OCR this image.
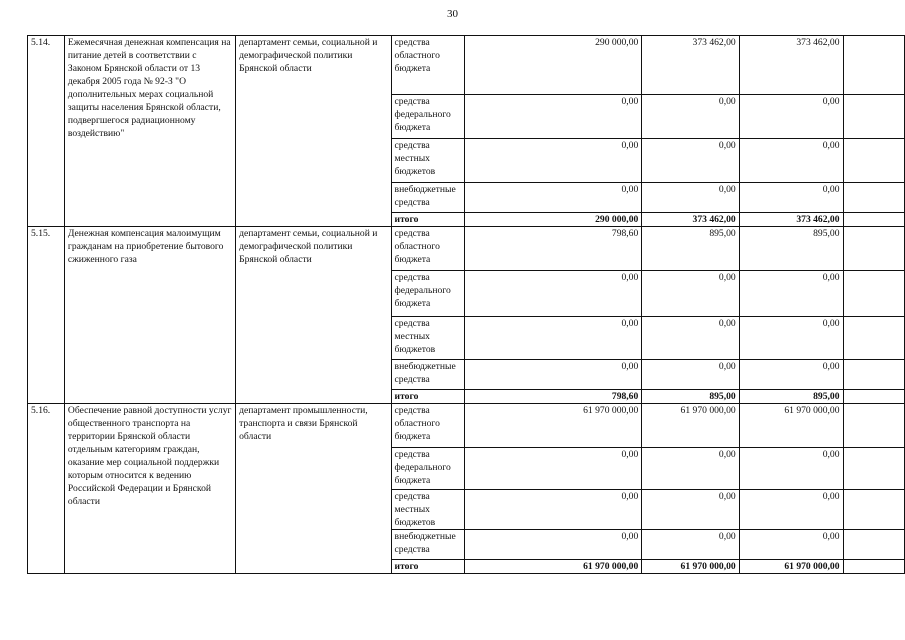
30
5.14.	Ежемесячная денежная компенсация на питание детей в соответствии с Законом Брянской области от 13 декабря 2005 года № 92-З "О дополнительных мерах социальной защиты населения Брянской области, подвергшегося радиационному воздействию"	департамент семьи, социальной и демографической политики Брянской области	средства областного бюджета	290 000,00	373 462,00	373 462,00	
			средства федерального бюджета	0,00	0,00	0,00	
			средства местных бюджетов	0,00	0,00	0,00	
			внебюджетные средства	0,00	0,00	0,00	
			итого	290 000,00	373 462,00	373 462,00	
5.15.	Денежная компенсация малоимущим гражданам на приобретение бытового сжиженного газа	департамент семьи, социальной и демографической политики Брянской области	средства областного бюджета	798,60	895,00	895,00	
			средства федерального бюджета	0,00	0,00	0,00	
			средства местных бюджетов	0,00	0,00	0,00	
			внебюджетные средства	0,00	0,00	0,00	
			итого	798,60	895,00	895,00	
5.16.	Обеспечение равной доступности услуг общественного транспорта на территории Брянской области отдельным категориям граждан, оказание мер социальной поддержки которым относится к ведению Российской Федерации и Брянской области	департамент промышленности, транспорта и связи Брянской области	средства областного бюджета	61 970 000,00	61 970 000,00	61 970 000,00	
			средства федерального бюджета	0,00	0,00	0,00	
			средства местных бюджетов	0,00	0,00	0,00	
			внебюджетные средства	0,00	0,00	0,00	
			итого	61 970 000,00	61 970 000,00	61 970 000,00	
